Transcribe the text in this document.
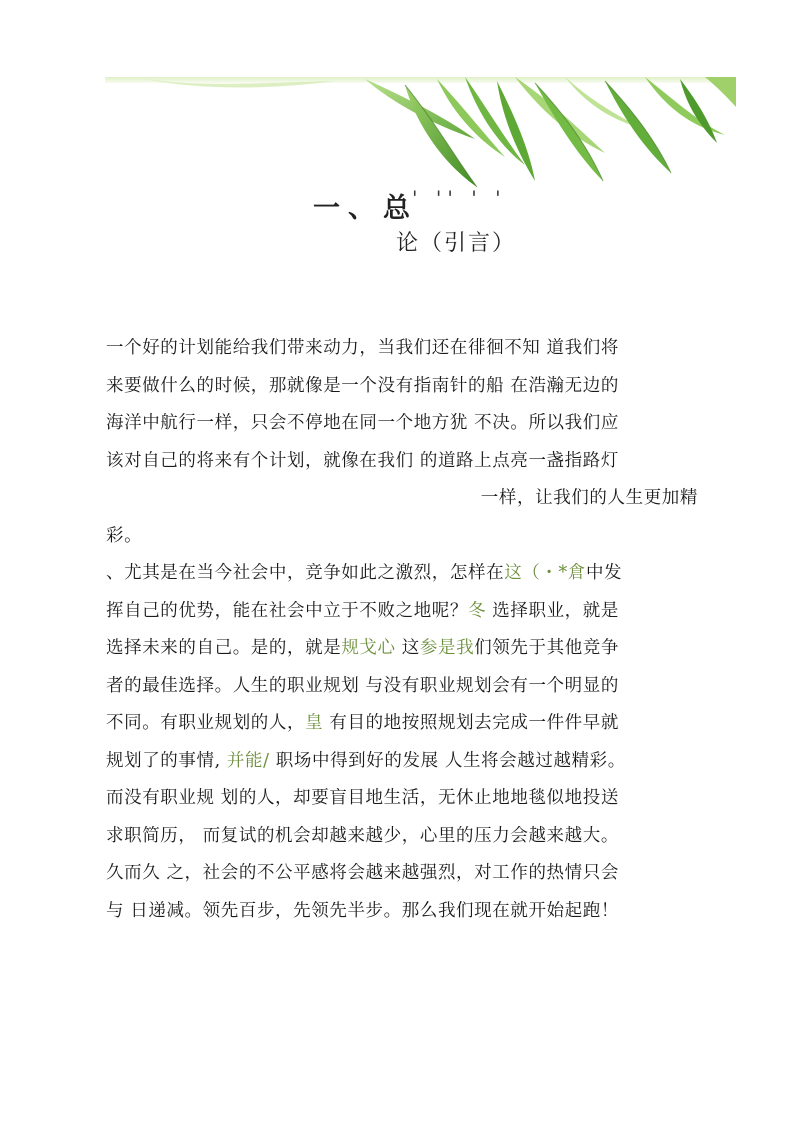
一、总
' '' ' '
论（引言）
一个好的计划能给我们带来动力，当我们还在徘徊不知 道我们将
来要做什么的时候，那就像是一个没有指南针的船 在浩瀚无边的
海洋中航行一样，只会不停地在同一个地方犹 不决。所以我们应
该对自己的将来有个计划，就像在我们 的道路上点亮一盏指路灯
一样，让我们的人生更加精
彩。
、尤其是在当今社会中，竞争如此之激烈，怎样在这（・*倉中发
挥自己的优势，能在社会中立于不败之地呢？冬 选择职业，就是
选择未来的自己。是的，就是规戈心 这参是我们领先于其他竞争
者的最佳选择。人生的职业规划 与没有职业规划会有一个明显的
不同。有职业规划的人，皇 有目的地按照规划去完成一件件早就
规划了的事情, 并能/ 职场中得到好的发展 人生将会越过越精彩。
而没有职业规 划的人，却要盲目地生活，无休止地地毯似地投送
求职简历， 而复试的机会却越来越少，心里的压力会越来越大。
久而久 之，社会的不公平感将会越来越强烈，对工作的热情只会
与 日递减。领先百步，先领先半步。那么我们现在就开始起跑！
